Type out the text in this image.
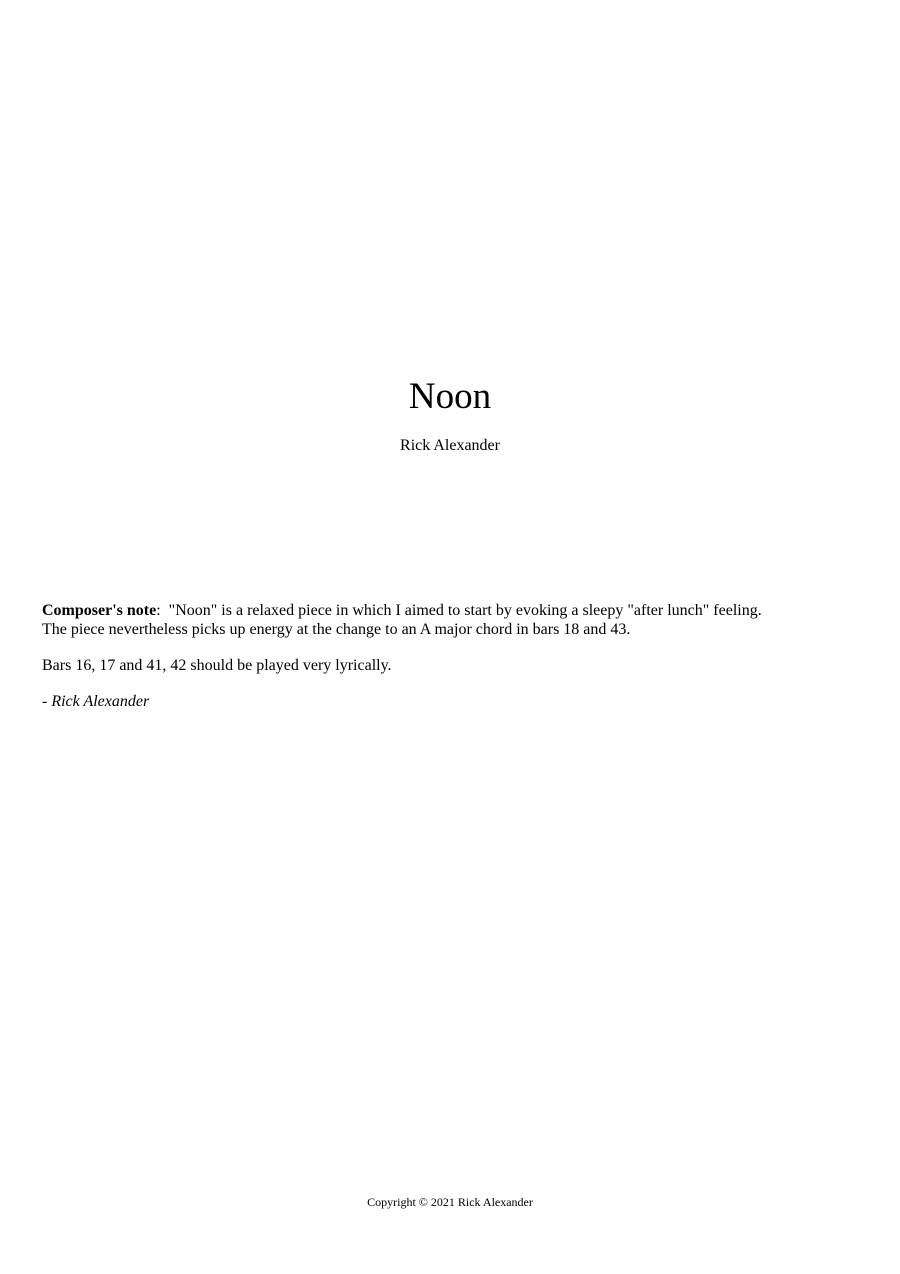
Noon
Rick Alexander

Composer's note:  "Noon" is a relaxed piece in which I aimed to start by evoking a sleepy "after lunch" feeling.
The piece nevertheless picks up energy at the change to an A major chord in bars 18 and 43.

Bars 16, 17 and 41, 42 should be played very lyrically.

- Rick Alexander

Copyright © 2021 Rick Alexander
